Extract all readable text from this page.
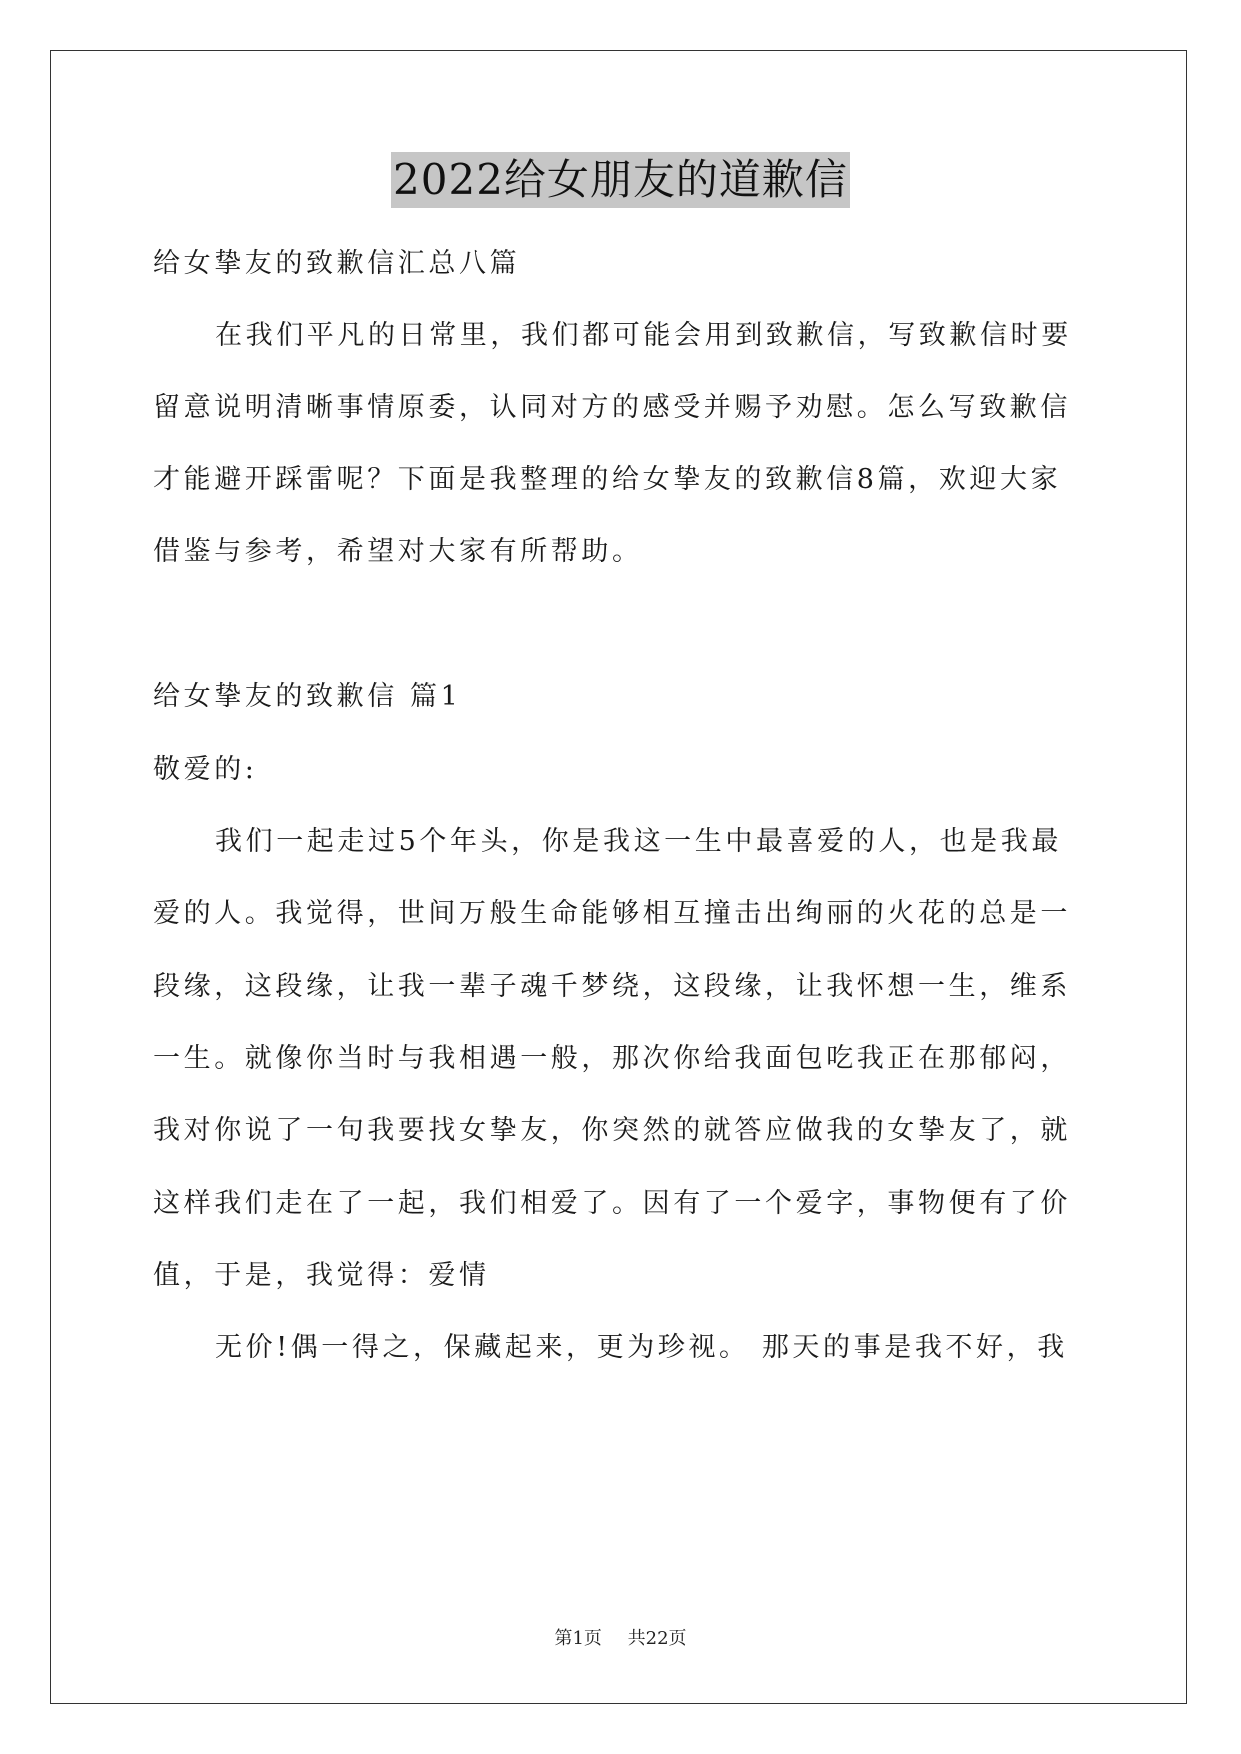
2022给女朋友的道歉信
给女挚友的致歉信汇总八篇
在我们平凡的日常里，我们都可能会用到致歉信，写致歉信时要
留意说明清晰事情原委，认同对方的感受并赐予劝慰。怎么写致歉信
才能避开踩雷呢？下面是我整理的给女挚友的致歉信8篇，欢迎大家
借鉴与参考，希望对大家有所帮助。
给女挚友的致歉信 篇1
敬爱的:
我们一起走过5个年头，你是我这一生中最喜爱的人，也是我最
爱的人。我觉得，世间万般生命能够相互撞击出绚丽的火花的总是一
段缘，这段缘，让我一辈子魂千梦绕，这段缘，让我怀想一生，维系
一生。就像你当时与我相遇一般，那次你给我面包吃我正在那郁闷，
我对你说了一句我要找女挚友，你突然的就答应做我的女挚友了，就
这样我们走在了一起，我们相爱了。因有了一个爱字，事物便有了价
值，于是，我觉得：爱情
无价!偶一得之，保藏起来，更为珍视。 那天的事是我不好，我
第1页 共22页
